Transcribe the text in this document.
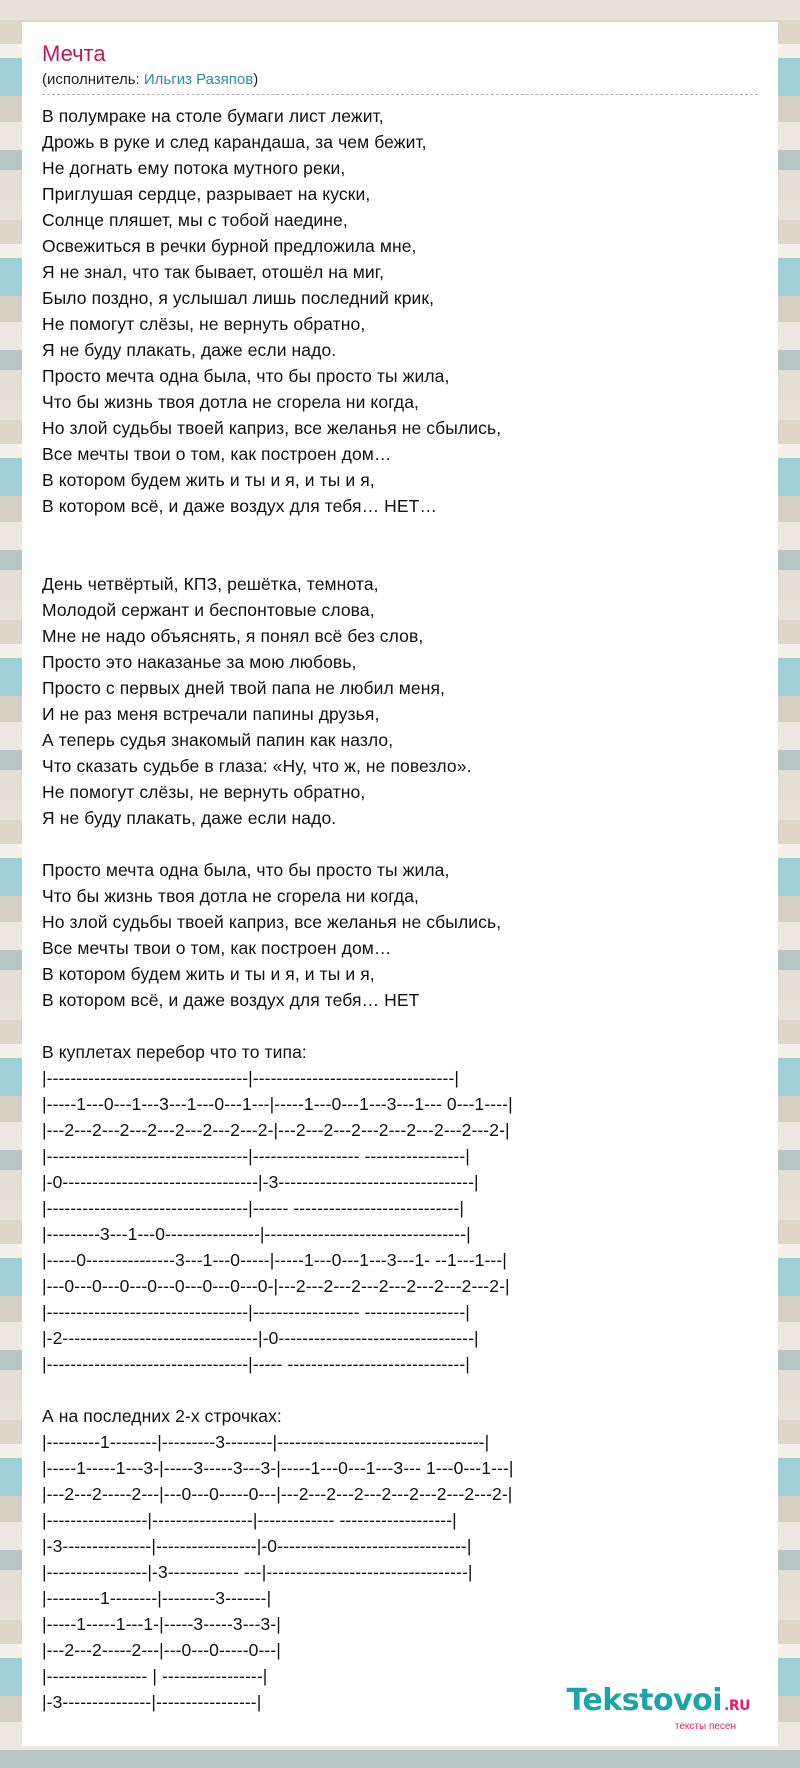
Мечта
(исполнитель: Ильгиз Разяпов)
В полумраке на столе бумаги лист лежит,
Дрожь в руке и след карандаша, за чем бежит,
Не догнать ему потока мутного реки,
Приглушая сердце, разрывает на куски,
Солнце пляшет, мы с тобой наедине,
Освежиться в речки бурной предложила мне,
Я не знал, что так бывает, отошёл на миг,
Было поздно, я услышал лишь последний крик,
Не помогут слёзы, не вернуть обратно,
Я не буду плакать, даже если надо.
Просто мечта одна была, что бы просто ты жила,
Что бы жизнь твоя дотла не сгорела ни когда,
Но злой судьбы твоей каприз, все желанья не сбылись,
Все мечты твои о том, как построен дом…
В котором будем жить и ты и я, и ты и я,
В котором всё, и даже воздух для тебя… НЕТ…
День четвёртый, КПЗ, решётка, темнота,
Молодой сержант и беспонтовые слова,
Мне не надо объяснять, я понял всё без слов,
Просто это наказанье за мою любовь,
Просто с первых дней твой папа не любил меня,
И не раз меня встречали папины друзья,
А теперь судья знакомый папин как назло,
Что сказать судьбе в глаза: «Ну, что ж, не повезло».
Не помогут слёзы, не вернуть обратно,
Я не буду плакать, даже если надо.
Просто мечта одна была, что бы просто ты жила,
Что бы жизнь твоя дотла не сгорела ни когда,
Но злой судьбы твоей каприз, все желанья не сбылись,
Все мечты твои о том, как построен дом…
В котором будем жить и ты и я, и ты и я,
В котором всё, и даже воздух для тебя… НЕТ
В куплетах перебор что то типа:
|----------------------------------|----------------------------------|
|-----1---0---1---3---1---0---1---|-----1---0---1---3---1--- 0---1----|
|---2---2---2---2---2---2---2---2-|---2---2---2---2---2---2---2---2-|
|----------------------------------|------------------ -----------------|
|-0---------------------------------|-3---------------------------------|
|----------------------------------|------ ----------------------------|
|---------3---1---0----------------|----------------------------------|
|-----0---------------3---1---0-----|-----1---0---1---3---1- --1---1---|
|---0---0---0---0---0---0---0---0-|---2---2---2---2---2---2---2---2-|
|----------------------------------|------------------ -----------------|
|-2---------------------------------|-0---------------------------------|
|----------------------------------|----- ------------------------------|
А на последних 2-х строчках:
|---------1--------|---------3--------|-----------------------------------|
|-----1-----1---3-|-----3-----3---3-|-----1---0---1---3--- 1---0---1---|
|---2---2-----2---|---0---0-----0---|---2---2---2---2---2---2---2---2-|
|-----------------|-----------------|------------- -------------------|
|-3---------------|-----------------|-0--------------------------------|
|-----------------|-3------------ ---|----------------------------------|
|---------1--------|---------3-------|
|-----1-----1---1-|-----3-----3---3-|
|---2---2-----2---|---0---0-----0---|
|----------------- | -----------------|
|-3---------------|-----------------|	Tekstovoi .RU
тексты песен
